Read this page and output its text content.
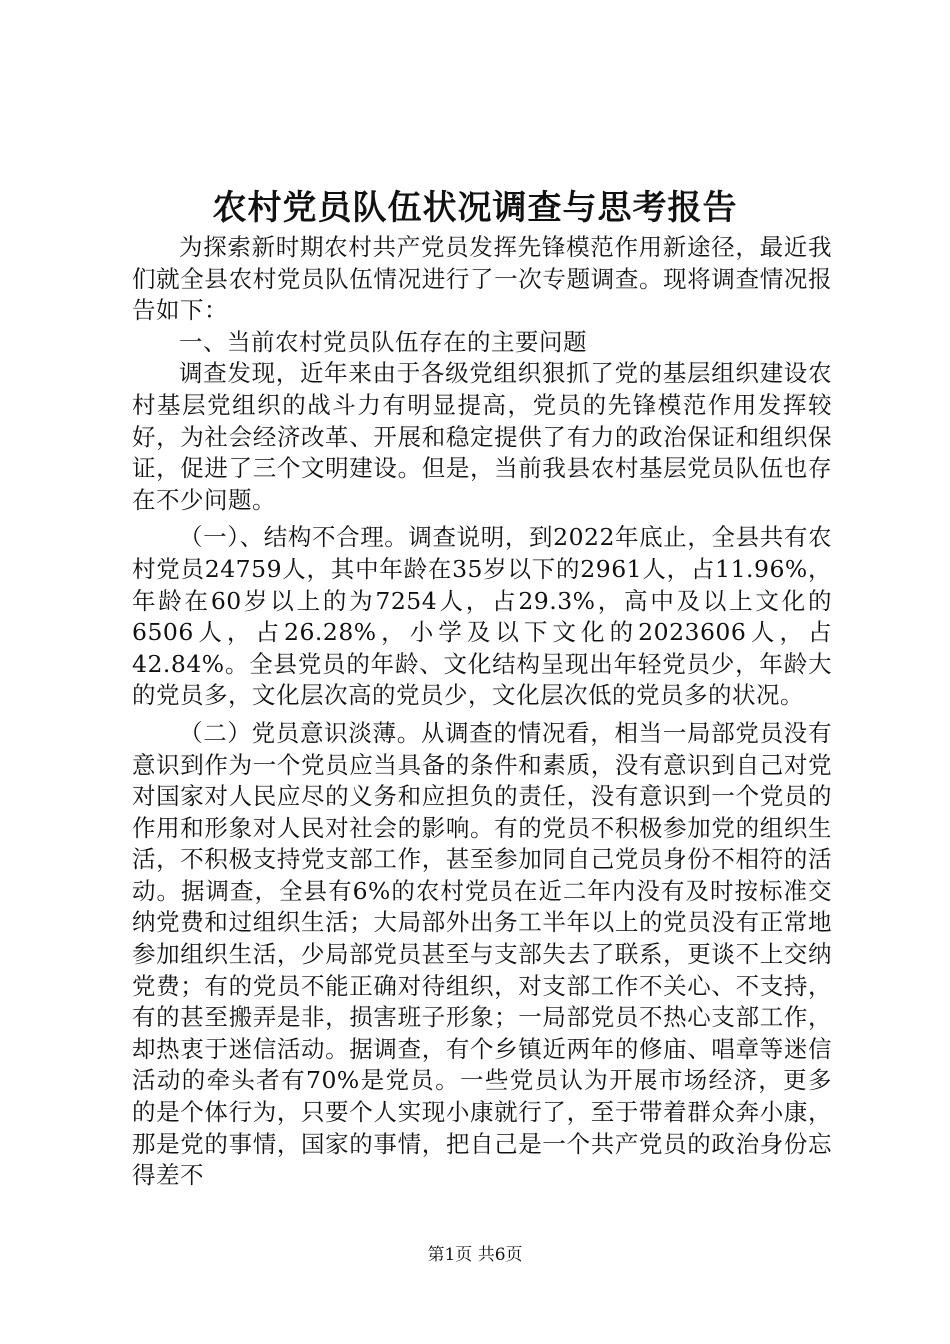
农村党员队伍状况调查与思考报告

为探索新时期农村共产党员发挥先锋模范作用新途径，最近我们就全县农村党员队伍情况进行了一次专题调查。现将调查情况报告如下：

一、当前农村党员队伍存在的主要问题

调查发现，近年来由于各级党组织狠抓了党的基层组织建设农村基层党组织的战斗力有明显提高，党员的先锋模范作用发挥较好，为社会经济改革、开展和稳定提供了有力的政治保证和组织保证，促进了三个文明建设。但是，当前我县农村基层党员队伍也存在不少问题。

（一）、结构不合理。调查说明，到2022年底止，全县共有农村党员24759人，其中年龄在35岁以下的2961人，占11.96%，年龄在60岁以上的为7254人，占29.3%，高中及以上文化的6506人，占26.28%，小学及以下文化的2023606人，占42.84%。全县党员的年龄、文化结构呈现出年轻党员少，年龄大的党员多，文化层次高的党员少，文化层次低的党员多的状况。

（二）党员意识淡薄。从调查的情况看，相当一局部党员没有意识到作为一个党员应当具备的条件和素质，没有意识到自己对党对国家对人民应尽的义务和应担负的责任，没有意识到一个党员的作用和形象对人民对社会的影响。有的党员不积极参加党的组织生活，不积极支持党支部工作，甚至参加同自己党员身份不相符的活动。据调查，全县有6%的农村党员在近二年内没有及时按标准交纳党费和过组织生活；大局部外出务工半年以上的党员没有正常地参加组织生活，少局部党员甚至与支部失去了联系，更谈不上交纳党费；有的党员不能正确对待组织，对支部工作不关心、不支持，有的甚至搬弄是非，损害班子形象；一局部党员不热心支部工作，却热衷于迷信活动。据调查，有个乡镇近两年的修庙、唱章等迷信活动的牵头者有70%是党员。一些党员认为开展市场经济，更多的是个体行为，只要个人实现小康就行了，至于带着群众奔小康，那是党的事情，国家的事情，把自己是一个共产党员的政治身份忘得差不

第1页 共6页
